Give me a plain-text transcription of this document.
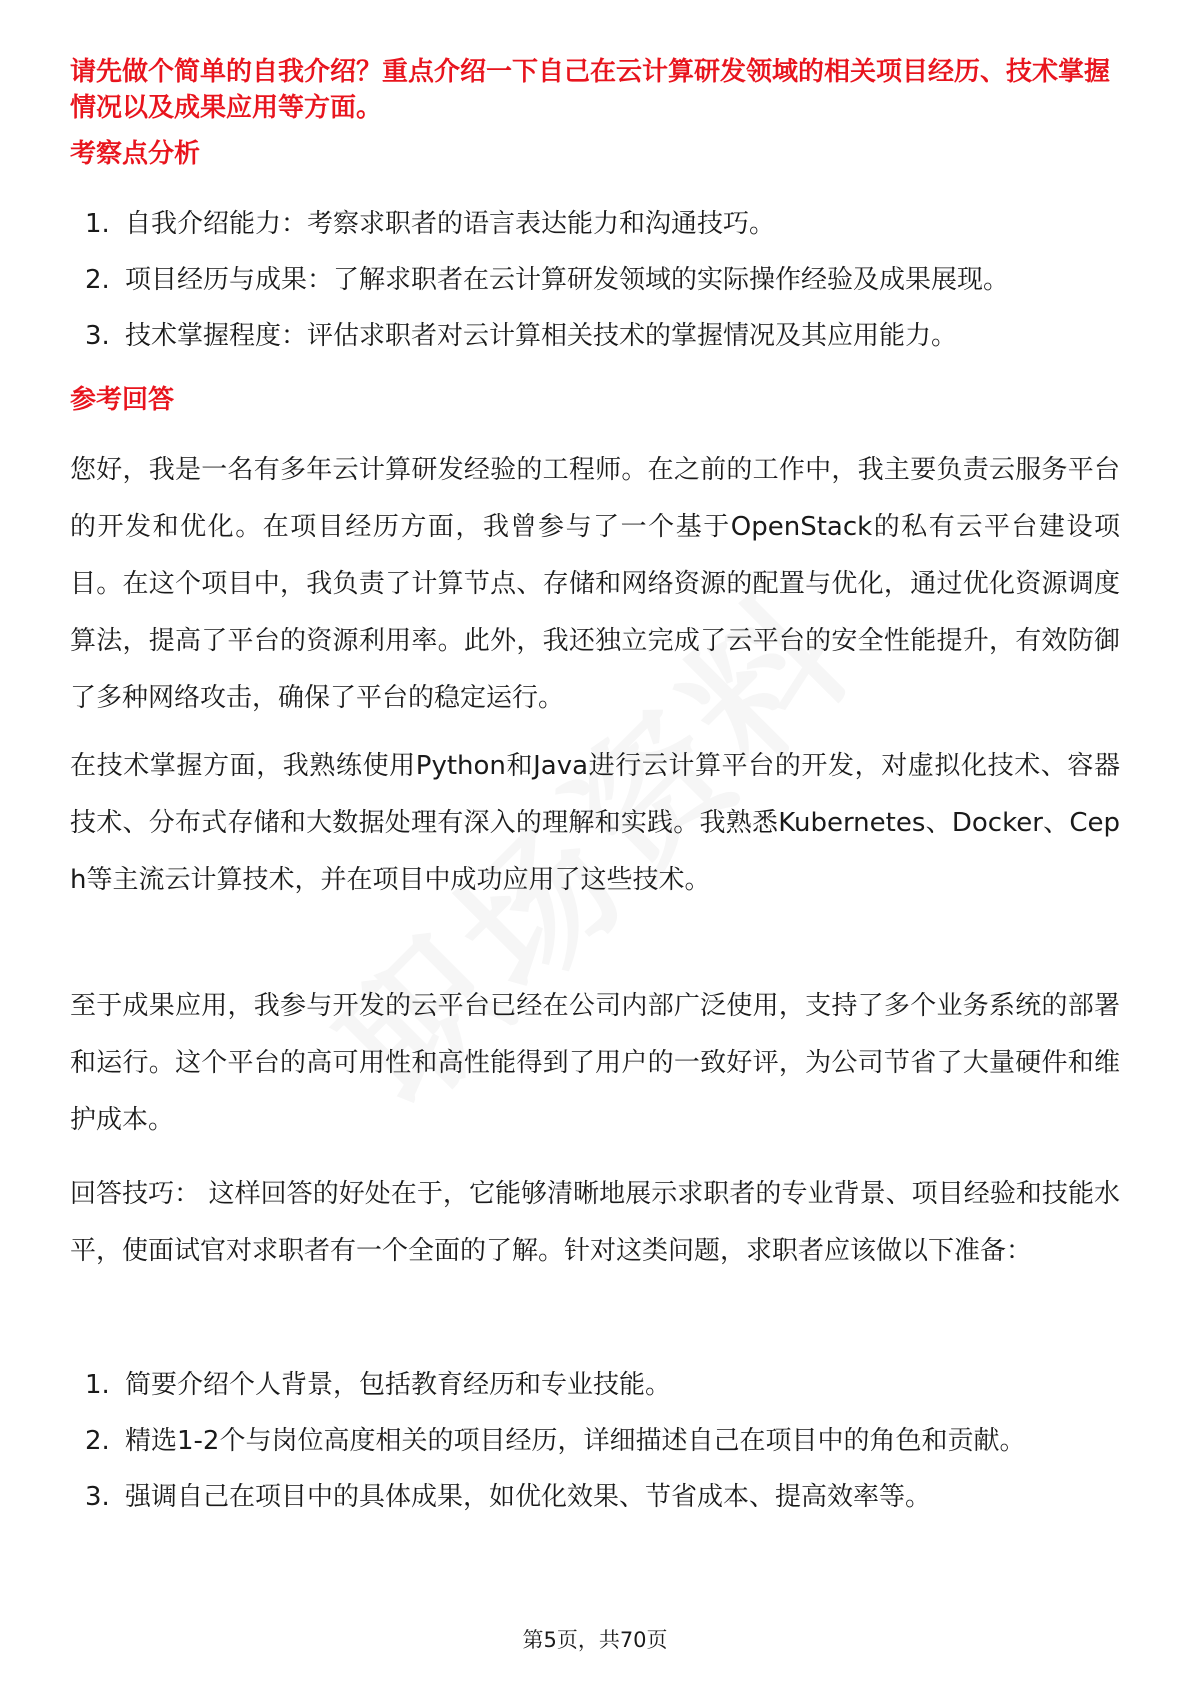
请先做个简单的自我介绍？重点介绍一下自己在云计算研发领域的相关项目经历、技术掌握情况以及成果应用等方面。
考察点分析
1. 自我介绍能力：考察求职者的语言表达能力和沟通技巧。
2. 项目经历与成果：了解求职者在云计算研发领域的实际操作经验及成果展现。
3. 技术掌握程度：评估求职者对云计算相关技术的掌握情况及其应用能力。
参考回答

您好，我是一名有多年云计算研发经验的工程师。在之前的工作中，我主要负责云服务平台的开发和优化。在项目经历方面，我曾参与了一个基于OpenStack的私有云平台建设项目。在这个项目中，我负责了计算节点、存储和网络资源的配置与优化，通过优化资源调度算法，提高了平台的资源利用率。此外，我还独立完成了云平台的安全性能提升，有效防御了多种网络攻击，确保了平台的稳定运行。

在技术掌握方面，我熟练使用Python和Java进行云计算平台的开发，对虚拟化技术、容器技术、分布式存储和大数据处理有深入的理解和实践。我熟悉Kubernetes、Docker、Ceph等主流云计算技术，并在项目中成功应用了这些技术。

至于成果应用，我参与开发的云平台已经在公司内部广泛使用，支持了多个业务系统的部署和运行。这个平台的高可用性和高性能得到了用户的一致好评，为公司节省了大量硬件和维护成本。

回答技巧： 这样回答的好处在于，它能够清晰地展示求职者的专业背景、项目经验和技能水平，使面试官对求职者有一个全面的了解。针对这类问题，求职者应该做以下准备：

1. 简要介绍个人背景，包括教育经历和专业技能。
2. 精选1-2个与岗位高度相关的项目经历，详细描述自己在项目中的角色和贡献。
3. 强调自己在项目中的具体成果，如优化效果、节省成本、提高效率等。
第5页，共70页
